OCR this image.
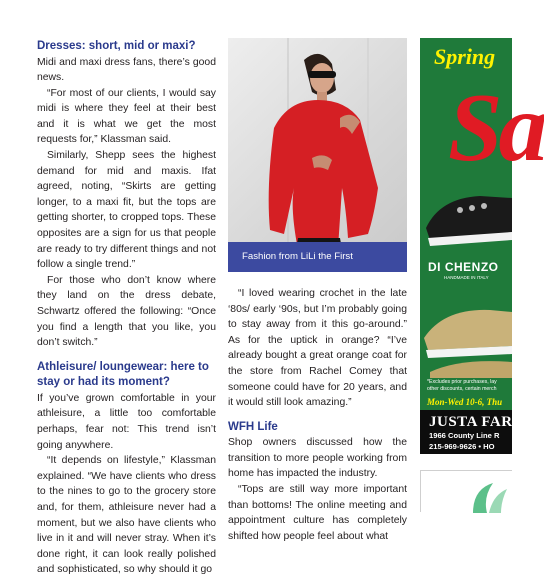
Dresses: short, mid or maxi?

Midi and maxi dress fans, there’s good news.

“For most of our clients, I would say midi is where they feel at their best and it is what we get the most requests for,” Klassman said.

Similarly, Shepp sees the highest demand for mid and maxis. Ifat agreed, noting, “Skirts are getting longer, to a maxi fit, but the tops are getting shorter, to cropped tops. These opposites are a sign for us that people are ready to try different things and not follow a single trend.”

For those who don’t know where they land on the dress debate, Schwartz offered the following: “Once you find a length that you like, you don’t switch.”

Athleisure/ loungewear: here to stay or had its moment?

If you’ve grown comfortable in your athleisure, a little too comfortable perhaps, fear not: This trend isn’t going anywhere.

“It depends on lifestyle,” Klassman explained. “We have clients who dress to the nines to go to the grocery store and, for them, athleisure never had a moment, but we also have clients who live in it and will never stray. When it’s done right, it can look really polished and sophisticated, so why should it go

Fashion from LiLi the First

“I loved wearing crochet in the late ‘80s/ early ‘90s, but I’m probably going to stay away from it this go-around.” As for the uptick in orange? “I’ve already bought a great orange coat for the store from Rachel Comey that someone could have for 20 years, and it would still look amazing.”

WFH Life

Shop owners discussed how the transition to more people working from home has impacted the industry.

“Tops are still way more important than bottoms! The online meeting and appointment culture has completely shifted how people feel about what

Spring
Sa
DI CHENZO
HANDMADE IN ITALY
*Excludes prior purchases, lay
other discounts, certain merch
Mon-Wed 10-6, Thu
JUSTA FARM
1966 County Line R
215-969-9626 • HO
